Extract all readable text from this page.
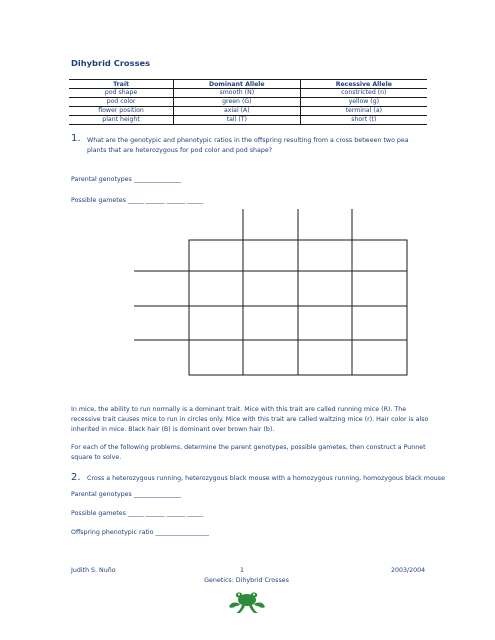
Dihybrid Crosses
Trait	Dominant Allele	Recessive Allele
pod shape	smooth (N)	constricted (n)
pod color	green (G)	yellow (g)
flower position	axial (A)	terminal (a)
plant height	tall (T)	short (t)
1. What are the genotypic and phenotypic ratios in the offspring resulting from a cross between two pea plants that are heterozygous for pod color and pod shape?
Parental genotypes _______________
Possible gametes _____ ______ ______ _____
In mice, the ability to run normally is a dominant trait. Mice with this trait are called running mice (R). The recessive trait causes mice to run in circles only. Mice with this trait are called waltzing mice (r). Hair color is also inherited in mice. Black hair (B) is dominant over brown hair (b).
For each of the following problems, determine the parent genotypes, possible gametes, then construct a Punnet square to solve.
2. Cross a heterozygous running, heterozygous black mouse with a homozygous running, homozygous black mouse
Parental genotypes _______________
Possible gametes _____ ______ ______ _____
Offspring phenotypic ratio _________________
Judith S. Nuño	1	2003/2004
Genetics: Dihybrid Crosses
